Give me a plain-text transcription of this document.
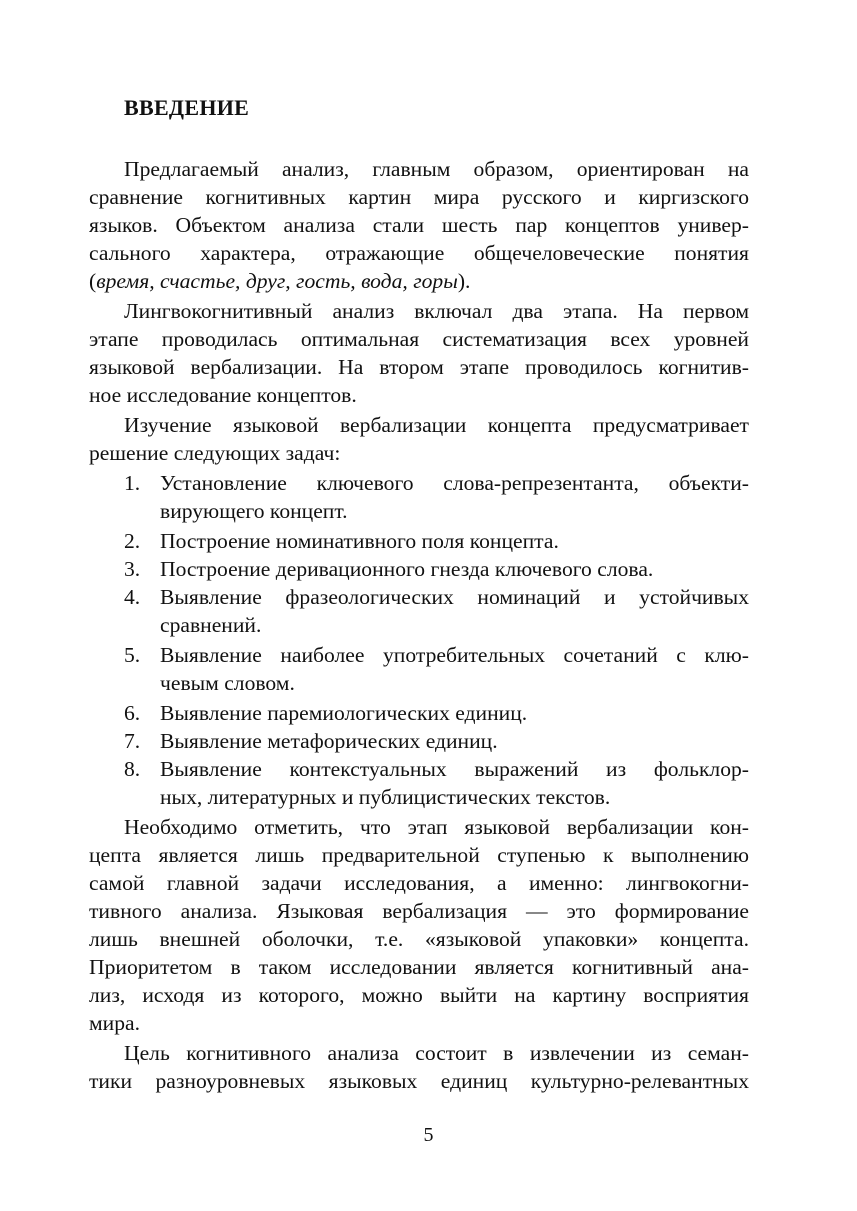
ВВЕДЕНИЕ
Предлагаемый анализ, главным образом, ориентирован на
сравнение когнитивных картин мира русского и киргизского
языков. Объектом анализа стали шесть пар концептов универ-
сального характера, отражающие общечеловеческие понятия
(время, счастье, друг, гость, вода, горы).
Лингвокогнитивный анализ включал два этапа. На первом
этапе проводилась оптимальная систематизация всех уровней
языковой вербализации. На втором этапе проводилось когнитив-
ное исследование концептов.
Изучение языковой вербализации концепта предусматривает
решение следующих задач:
1. Установление ключевого слова-репрезентанта, объекти-
вирующего концепт.
2. Построение номинативного поля концепта.
3. Построение деривационного гнезда ключевого слова.
4. Выявление фразеологических номинаций и устойчивых
сравнений.
5. Выявление наиболее употребительных сочетаний с клю-
чевым словом.
6. Выявление паремиологических единиц.
7. Выявление метафорических единиц.
8. Выявление контекстуальных выражений из фольклор-
ных, литературных и публицистических текстов.
Необходимо отметить, что этап языковой вербализации кон-
цепта является лишь предварительной ступенью к выполнению
самой главной задачи исследования, а именно: лингвокогни-
тивного анализа. Языковая вербализация — это формирование
лишь внешней оболочки, т.е. «языковой упаковки» концепта.
Приоритетом в таком исследовании является когнитивный ана-
лиз, исходя из которого, можно выйти на картину восприятия
мира.
Цель когнитивного анализа состоит в извлечении из семан-
тики разноуровневых языковых единиц культурно-релевантных
5
